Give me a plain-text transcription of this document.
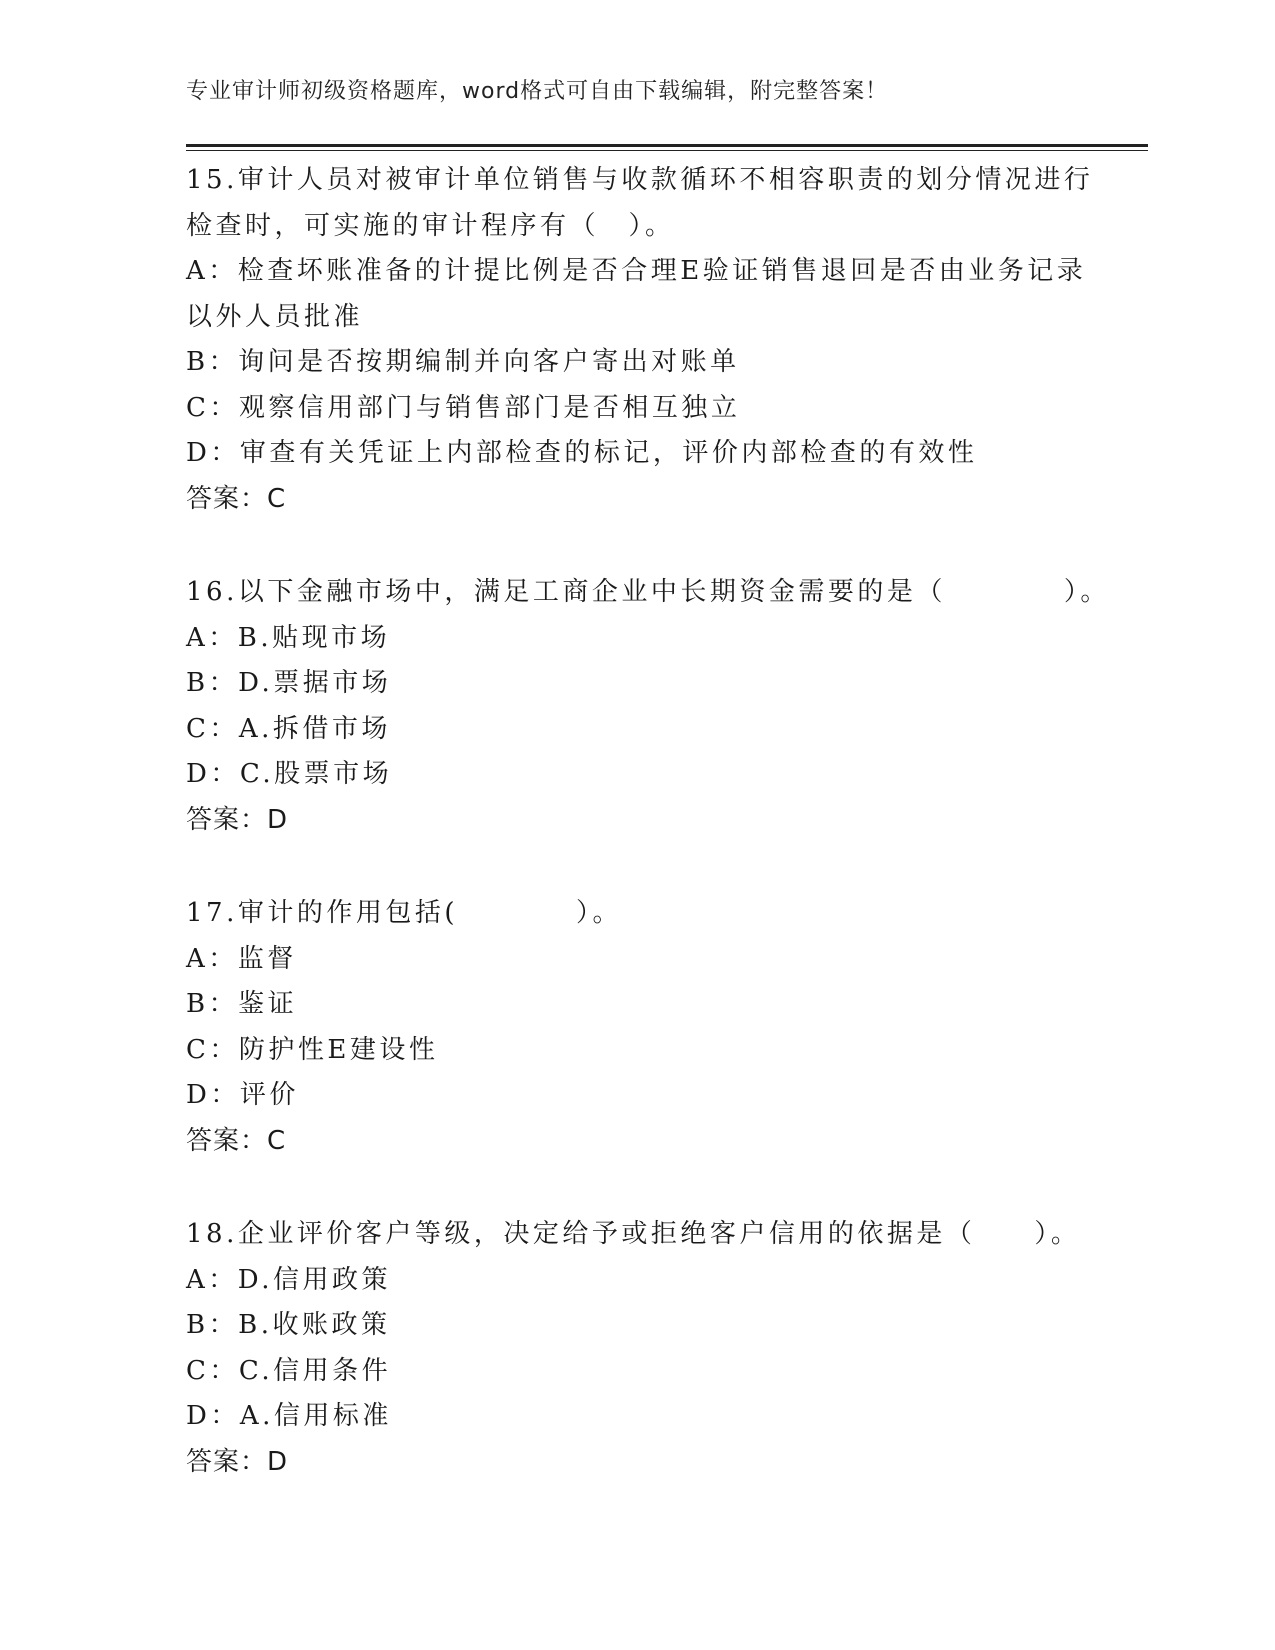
专业审计师初级资格题库，word格式可自由下载编辑，附完整答案！
15.审计人员对被审计单位销售与收款循环不相容职责的划分情况进行
检查时，可实施的审计程序有（　）。
A：检查坏账准备的计提比例是否合理E验证销售退回是否由业务记录
以外人员批准
B：询问是否按期编制并向客户寄出对账单
C：观察信用部门与销售部门是否相互独立
D：审查有关凭证上内部检查的标记，评价内部检查的有效性
答案：C
16.以下金融市场中，满足工商企业中长期资金需要的是（　　　　）。
A：B.贴现市场
B：D.票据市场
C：A.拆借市场
D：C.股票市场
答案：D
17.审计的作用包括(　　　　）。
A：监督
B：鉴证
C：防护性E建设性
D：评价
答案：C
18.企业评价客户等级，决定给予或拒绝客户信用的依据是（　　）。
A：D.信用政策
B：B.收账政策
C：C.信用条件
D：A.信用标准
答案：D
